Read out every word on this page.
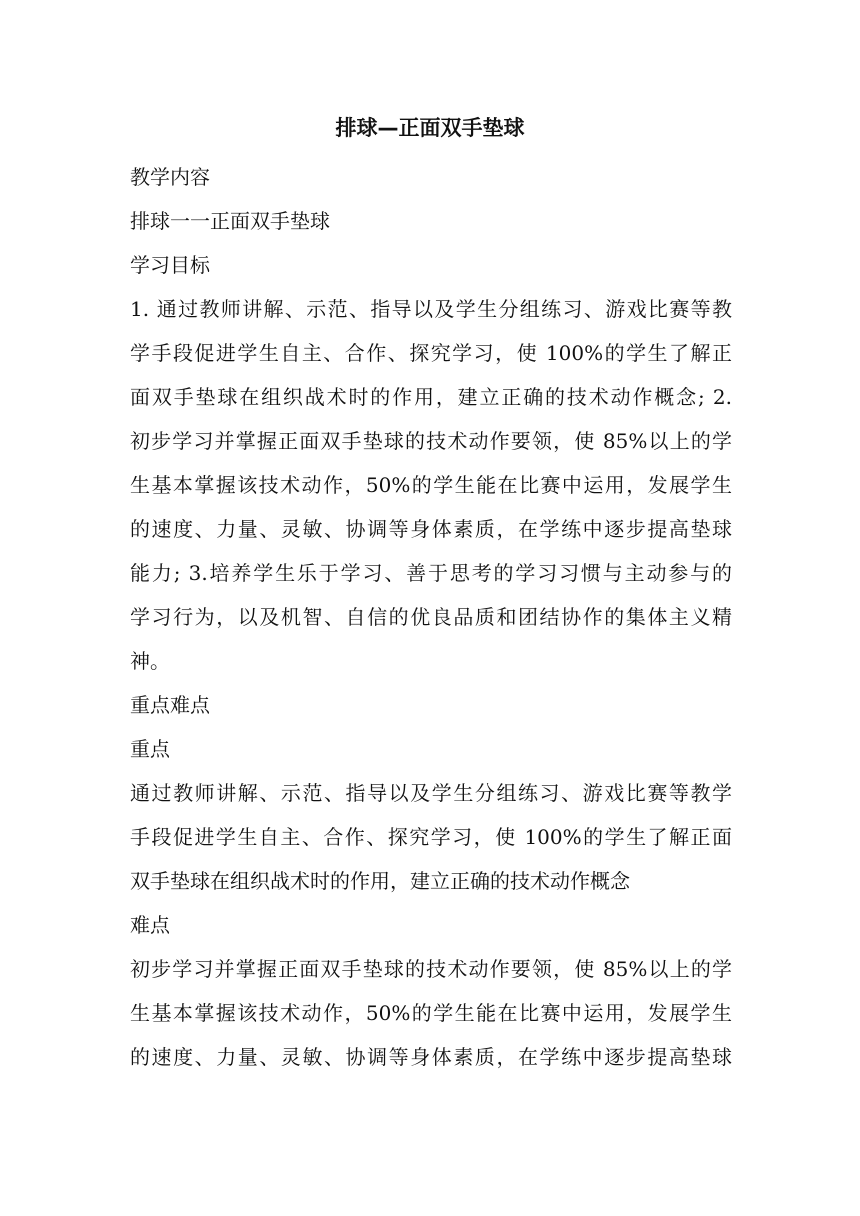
排球—正面双手垫球

教学内容

排球一一正面双手垫球

学习目标

1. 通过教师讲解、示范、指导以及学生分组练习、游戏比赛等教

学手段促进学生自主、合作、探究学习，使 100%的学生了解正

面双手垫球在组织战术时的作用，建立正确的技术动作概念; 2.

初步学习并掌握正面双手垫球的技术动作要领，使 85%以上的学

生基本掌握该技术动作，50%的学生能在比赛中运用，发展学生

的速度、力量、灵敏、协调等身体素质，在学练中逐步提高垫球

能力; 3.培养学生乐于学习、善于思考的学习习惯与主动参与的

学习行为，以及机智、自信的优良品质和团结协作的集体主义精

神。

重点难点

重点

通过教师讲解、示范、指导以及学生分组练习、游戏比赛等教学

手段促进学生自主、合作、探究学习，使 100%的学生了解正面

双手垫球在组织战术时的作用，建立正确的技术动作概念

难点

初步学习并掌握正面双手垫球的技术动作要领，使 85%以上的学

生基本掌握该技术动作，50%的学生能在比赛中运用，发展学生

的速度、力量、灵敏、协调等身体素质，在学练中逐步提高垫球
